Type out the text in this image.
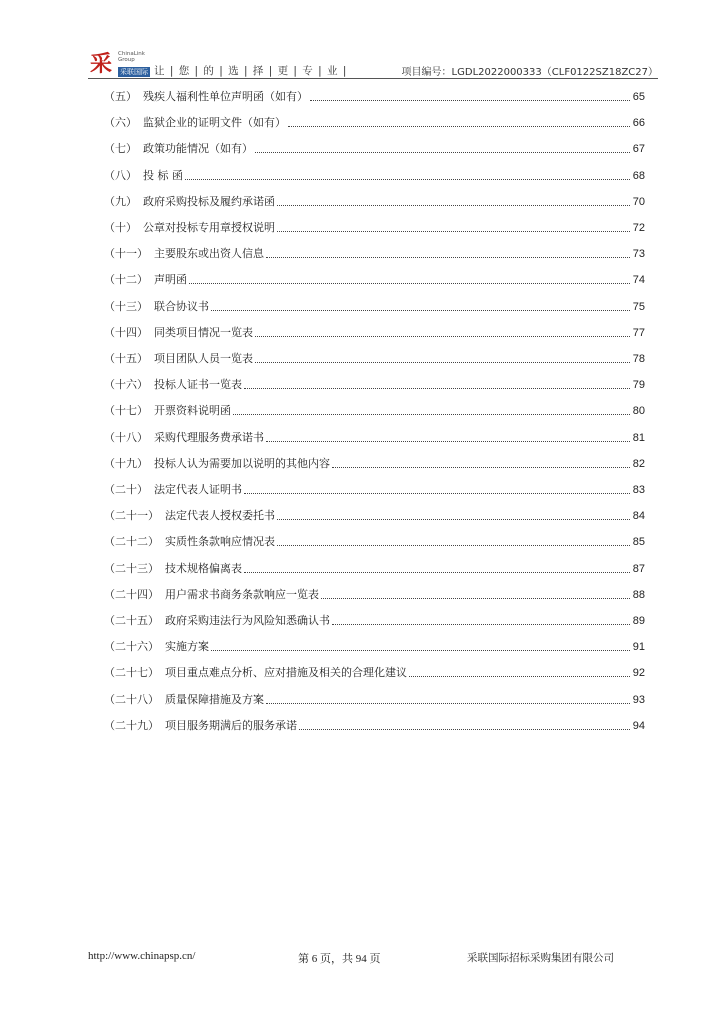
采 ChinaLink
Group
采联国际 让 | 您 | 的 | 选 | 择 | 更 | 专 | 业 |	项目编号：LGDL2022000333（CLF0122SZ18ZC27）
（五） 残疾人福利性单位声明函（如有）	65
（六） 监狱企业的证明文件（如有）	66
（七） 政策功能情况（如有）	67
（八） 投 标 函	68
（九） 政府采购投标及履约承诺函	70
（十） 公章对投标专用章授权说明	72
（十一） 主要股东或出资人信息	73
（十二） 声明函	74
（十三） 联合协议书	75
（十四） 同类项目情况一览表	77
（十五） 项目团队人员一览表	78
（十六） 投标人证书一览表	79
（十七） 开票资料说明函	80
（十八） 采购代理服务费承诺书	81
（十九） 投标人认为需要加以说明的其他内容	82
（二十） 法定代表人证明书	83
（二十一） 法定代表人授权委托书	84
（二十二） 实质性条款响应情况表	85
（二十三） 技术规格偏离表	87
（二十四） 用户需求书商务条款响应一览表	88
（二十五） 政府采购违法行为风险知悉确认书	89
（二十六） 实施方案	91
（二十七） 项目重点难点分析、应对措施及相关的合理化建议	92
（二十八） 质量保障措施及方案	93
（二十九） 项目服务期满后的服务承诺	94
http://www.chinapsp.cn/	第 6 页，共 94 页	采联国际招标采购集团有限公司
